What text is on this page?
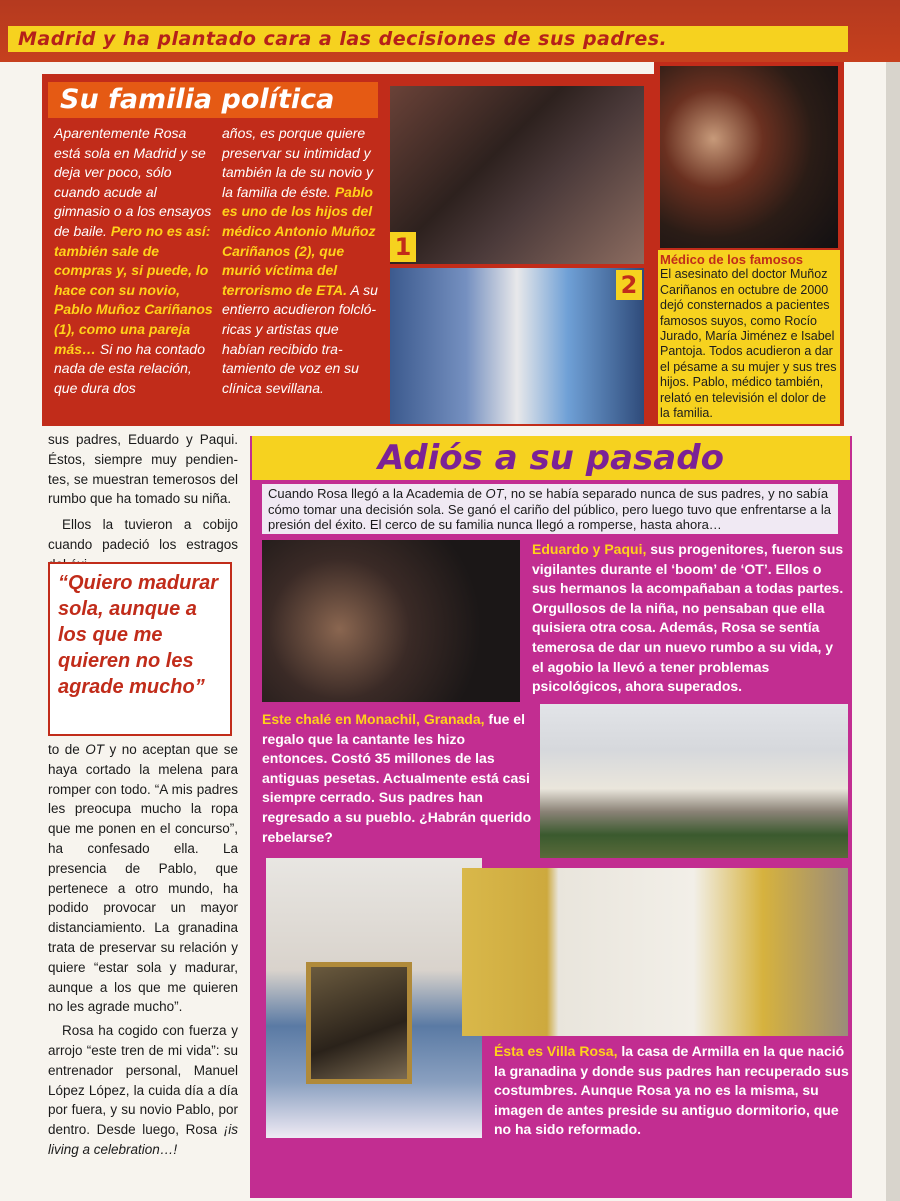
Madrid y ha plantado cara a las decisiones de sus padres.
Su familia política
Aparentemente Rosa está sola en Madrid y se deja ver poco, sólo cuando acude al gimnasio o a los ensayos de baile. Pero no es así: también sale de compras y, si puede, lo hace con su novio, Pablo Muñoz Cariñanos (1), como una pareja más… Si no ha contado nada de esta relación, que dura dos
años, es porque quiere preservar su intimidad y también la de su novio y la familia de éste. Pablo es uno de los hijos del médico Antonio Muñoz Cariñanos (2), que murió víctima del terrorismo de ETA. A su entierro acudieron folclóricas y artistas que habían recibido tratamiento de voz en su clínica sevillana.
1
2
Médico de los famosos
El asesinato del doctor Muñoz Cariñanos en octubre de 2000 dejó consternados a pacientes famosos suyos, como Rocío Jurado, María Jiménez e Isabel Pantoja. Todos acudieron a dar el pésame a su mujer y sus tres hijos. Pablo, médico también, relató en televisión el dolor de la familia.
sus padres, Eduardo y Paqui. Éstos, siempre muy pendientes, se muestran temerosos del rumbo que ha tomado su niña.
Ellos la tuvieron a cobijo cuando padeció los estragos
“Quiero madurar sola, aunque a los que me quieren no les agrade mucho”
to de OT y no aceptan que se haya cortado la melena para romper con todo. “A mis padres les preocupa mucho la ropa que me ponen en el concurso”, ha confesado ella. La presencia de Pablo, que pertenece a otro mundo, ha podido provocar un mayor distanciamiento. La granadina trata de preservar su relación y quiere “estar sola y madurar, aunque a los que me quieren no les agrade mucho”.
Rosa ha cogido con fuerza y arrojo “este tren de mi vida”: su entrenador personal, Manuel López López, la cuida día a día por fuera, y su novio Pablo, por dentro. Desde luego, Rosa ¡is living a celebration…!
Adiós a su pasado
Cuando Rosa llegó a la Academia de OT, no se había separado nunca de sus padres, y no sabía cómo tomar una decisión sola. Se ganó el cariño del público, pero luego tuvo que enfrentarse a la presión del éxito. El cerco de su familia nunca llegó a romperse, hasta ahora…
Eduardo y Paqui, sus progenitores, fueron sus vigilantes durante el ‘boom’ de ‘OT’. Ellos o sus hermanos la acompañaban a todas partes. Orgullosos de la niña, no pensaban que ella quisiera otra cosa. Además, Rosa se sentía temerosa de dar un nuevo rumbo a su vida, y el agobio la llevó a tener problemas psicológicos, ahora superados.
Este chalé en Monachil, Granada, fue el regalo que la cantante les hizo entonces. Costó 35 millones de las antiguas pesetas. Actualmente está casi siempre cerrado. Sus padres han regresado a su pueblo. ¿Habrán querido rebelarse?
Ésta es Villa Rosa, la casa de Armilla en la que nació la granadina y donde sus padres han recuperado sus costumbres. Aunque Rosa ya no es la misma, su imagen de antes preside su antiguo dormitorio, que no ha sido reformado.
